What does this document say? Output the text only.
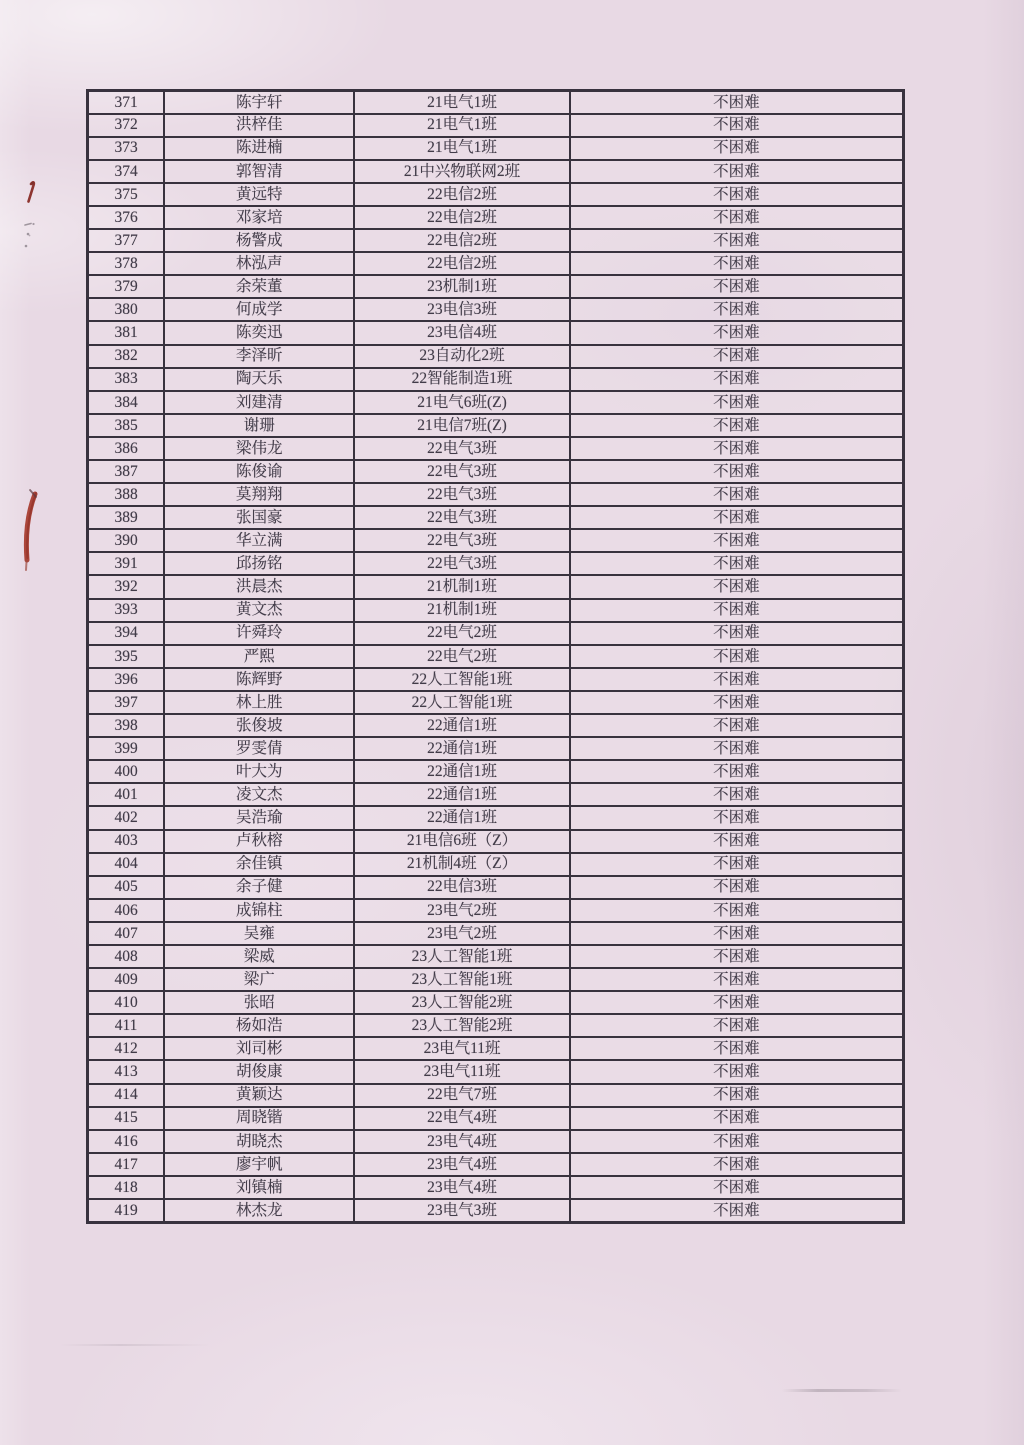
371	陈宇轩	21电气1班	不困难
372	洪梓佳	21电气1班	不困难
373	陈进楠	21电气1班	不困难
374	郭智清	21中兴物联网2班	不困难
375	黄远特	22电信2班	不困难
376	邓家培	22电信2班	不困难
377	杨警成	22电信2班	不困难
378	林泓声	22电信2班	不困难
379	余荣董	23机制1班	不困难
380	何成学	23电信3班	不困难
381	陈奕迅	23电信4班	不困难
382	李泽昕	23自动化2班	不困难
383	陶天乐	22智能制造1班	不困难
384	刘建清	21电气6班(Z)	不困难
385	谢珊	21电信7班(Z)	不困难
386	梁伟龙	22电气3班	不困难
387	陈俊谕	22电气3班	不困难
388	莫翔翔	22电气3班	不困难
389	张国豪	22电气3班	不困难
390	华立满	22电气3班	不困难
391	邱扬铭	22电气3班	不困难
392	洪晨杰	21机制1班	不困难
393	黄文杰	21机制1班	不困难
394	许舜玲	22电气2班	不困难
395	严熙	22电气2班	不困难
396	陈辉野	22人工智能1班	不困难
397	林上胜	22人工智能1班	不困难
398	张俊坡	22通信1班	不困难
399	罗雯倩	22通信1班	不困难
400	叶大为	22通信1班	不困难
401	凌文杰	22通信1班	不困难
402	吴浩瑜	22通信1班	不困难
403	卢秋榕	21电信6班（Z）	不困难
404	余佳镇	21机制4班（Z）	不困难
405	余子健	22电信3班	不困难
406	成锦柱	23电气2班	不困难
407	吴雍	23电气2班	不困难
408	梁威	23人工智能1班	不困难
409	梁广	23人工智能1班	不困难
410	张昭	23人工智能2班	不困难
411	杨如浩	23人工智能2班	不困难
412	刘司彬	23电气11班	不困难
413	胡俊康	23电气11班	不困难
414	黄颖达	22电气7班	不困难
415	周晓锴	22电气4班	不困难
416	胡晓杰	23电气4班	不困难
417	廖宇帆	23电气4班	不困难
418	刘镇楠	23电气4班	不困难
419	林杰龙	23电气3班	不困难
